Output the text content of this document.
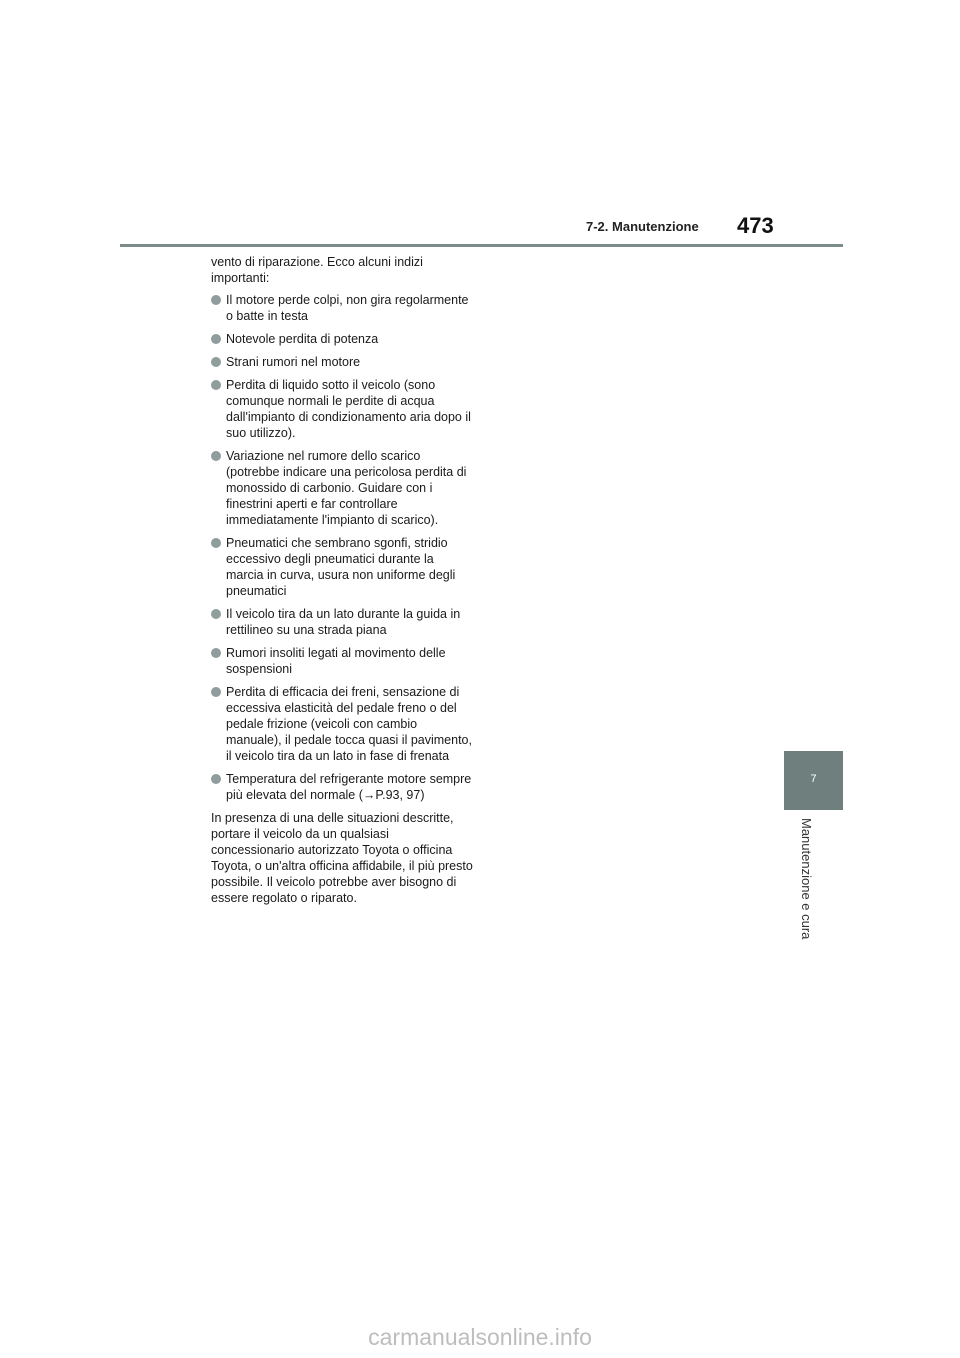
7-2. Manutenzione 473
7
Manutenzione e cura

vento di riparazione. Ecco alcuni indizi importanti:

Il motore perde colpi, non gira regolarmente o batte in testa
Notevole perdita di potenza
Strani rumori nel motore
Perdita di liquido sotto il veicolo (sono comunque normali le perdite di acqua dall'impianto di condizionamento aria dopo il suo utilizzo).
Variazione nel rumore dello scarico (potrebbe indicare una pericolosa perdita di monossido di carbonio. Guidare con i finestrini aperti e far controllare immediatamente l'impianto di scarico).
Pneumatici che sembrano sgonfi, stridio eccessivo degli pneumatici durante la marcia in curva, usura non uniforme degli pneumatici
Il veicolo tira da un lato durante la guida in rettilineo su una strada piana
Rumori insoliti legati al movimento delle sospensioni
Perdita di efficacia dei freni, sensazione di eccessiva elasticità del pedale freno o del pedale frizione (veicoli con cambio manuale), il pedale tocca quasi il pavimento, il veicolo tira da un lato in fase di frenata
Temperatura del refrigerante motore sempre più elevata del normale (→P.93, 97)

In presenza di una delle situazioni descritte, portare il veicolo da un qualsiasi concessionario autorizzato Toyota o officina Toyota, o un'altra officina affidabile, il più presto possibile. Il veicolo potrebbe aver bisogno di essere regolato o riparato.

carmanualsonline.info
